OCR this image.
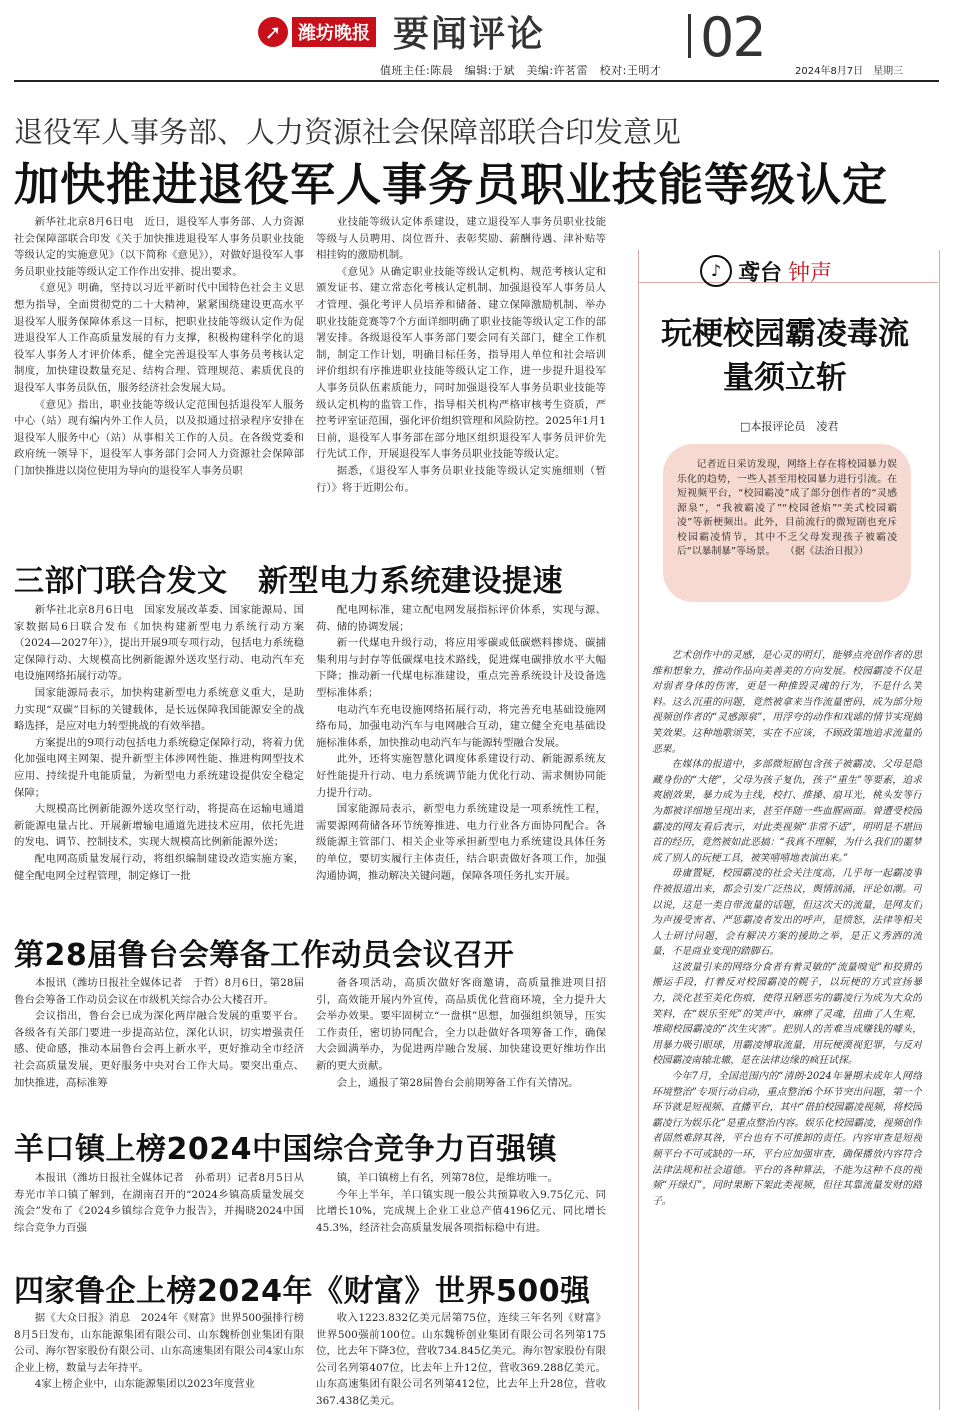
➚ 潍坊晚报 要闻评论	02
值班主任:陈晨　编辑:于斌　美编:许茗雷　校对:王明才	2024年8月7日　星期三
退役军人事务部、人力资源社会保障部联合印发意见
加快推进退役军人事务员职业技能等级认定

新华社北京8月6日电　近日，退役军人事务部、人力资源社会保障部联合印发《关于加快推进退役军人事务员职业技能等级认定的实施意见》（以下简称《意见》），对做好退役军人事务员职业技能等级认定工作作出安排、提出要求。

《意见》明确，坚持以习近平新时代中国特色社会主义思想为指导，全面贯彻党的二十大精神，紧紧围绕建设更高水平退役军人服务保障体系这一目标，把职业技能等级认定作为促进退役军人工作高质量发展的有力支撑，积极构建科学化的退役军人事务人才评价体系，健全完善退役军人事务员考核认定制度，加快建设数量充足、结构合理、管理规范、素质优良的退役军人事务员队伍，服务经济社会发展大局。

《意见》指出，职业技能等级认定范围包括退役军人服务中心（站）现有编内外工作人员，以及拟通过招录程序安排在退役军人服务中心（站）从事相关工作的人员。在各级党委和政府统一领导下，退役军人事务部门会同人力资源社会保障部门加快推进以岗位使用为导向的退役军人事务员职

业技能等级认定体系建设，建立退役军人事务员职业技能等级与人员聘用、岗位晋升、表彰奖励、薪酬待遇、津补贴等相挂钩的激励机制。

《意见》从确定职业技能等级认定机构、规范考核认定和颁发证书、建立常态化考核认定机制、加强退役军人事务员人才管理、强化考评人员培养和储备、建立保障激励机制、举办职业技能竞赛等7个方面详细明确了职业技能等级认定工作的部署安排。各级退役军人事务部门要会同有关部门，健全工作机制，制定工作计划，明确目标任务，指导用人单位和社会培训评价组织有序推进职业技能等级认定工作，进一步提升退役军人事务员队伍素质能力，同时加强退役军人事务员职业技能等级认定机构的监管工作，指导相关机构严格审核考生资质，严控考评室证范围，强化评价组织管理和风险防控。2025年1月1日前，退役军人事务部在部分地区组织退役军人事务员评价先行先试工作，开展退役军人事务员职业技能等级认定。

据悉，《退役军人事务员职业技能等级认定实施细则（暂行）》将于近期公布。

三部门联合发文　新型电力系统建设提速

新华社北京8月6日电　国家发展改革委、国家能源局、国家数据局6日联合发布《加快构建新型电力系统行动方案（2024—2027年）》，提出开展9项专项行动，包括电力系统稳定保障行动、大规模高比例新能源外送攻坚行动、电动汽车充电设施网络拓展行动等。

国家能源局表示，加快构建新型电力系统意义重大，是助力实现“双碳”目标的关键载体，是长远保障我国能源安全的战略选择，是应对电力转型挑战的有效举措。

方案提出的9项行动包括电力系统稳定保障行动，将着力优化加强电网主网架、提升新型主体涉网性能、推进构网型技术应用、持续提升电能质量，为新型电力系统建设提供安全稳定保障；

大规模高比例新能源外送攻坚行动，将提高在运输电通道新能源电量占比、开展新增输电通道先进技术应用，依托先进的发电、调节、控制技术，实现大规模高比例新能源外送；

配电网高质量发展行动，将组织编制建设改造实施方案，健全配电网全过程管理，制定修订一批

配电网标准，建立配电网发展指标评价体系，实现与源、荷、储的协调发展；

新一代煤电升级行动，将应用零碳或低碳燃料掺烧、碳捕集利用与封存等低碳煤电技术路线，促进煤电碳排放水平大幅下降；推动新一代煤电标准建设，重点完善系统设计及设备选型标准体系；

电动汽车充电设施网络拓展行动，将完善充电基础设施网络布局，加强电动汽车与电网融合互动，建立健全充电基础设施标准体系，加快推动电动汽车与能源转型融合发展。

此外，还将实施智慧化调度体系建设行动、新能源系统友好性能提升行动、电力系统调节能力优化行动、需求侧协同能力提升行动。

国家能源局表示，新型电力系统建设是一项系统性工程，需要源网荷储各环节统筹推进、电力行业各方面协同配合。各级能源主管部门、相关企业等承担新型电力系统建设具体任务的单位，要切实履行主体责任，结合职责做好各项工作，加强沟通协调，推动解决关键问题，保障各项任务扎实开展。

第28届鲁台会筹备工作动员会议召开

本报讯（潍坊日报社全媒体记者　于哲）8月6日，第28届鲁台会筹备工作动员会议在市级机关综合办公大楼召开。

会议指出，鲁台会已成为深化两岸融合发展的重要平台。各级各有关部门要进一步提高站位，深化认识，切实增强责任感、使命感，推动本届鲁台会再上新水平，更好推动全市经济社会高质量发展，更好服务中央对台工作大局。要突出重点、加快推进，高标准筹

备各项活动，高质次做好客商邀请，高质量推进项目招引，高效能开展内外宣传，高品质优化营商环境，全力提升大会举办效果。要牢固树立“一盘棋”思想，加强组织领导，压实工作责任，密切协同配合，全力以赴做好各项筹备工作，确保大会圆满举办，为促进两岸融合发展、加快建设更好维坊作出新的更大贡献。

会上，通报了第28届鲁台会前期筹备工作有关情况。

羊口镇上榜2024中国综合竞争力百强镇

本报讯（潍坊日报社全媒体记者　孙希玥）记者8月5日从寿光市羊口镇了解到，在湖南召开的“2024乡镇高质量发展交流会”发布了《2024乡镇综合竞争力报告》，并揭晓2024中国综合竞争力百强

镇，羊口镇榜上有名，列第78位，是维坊唯一。

今年上半年，羊口镇实现一般公共预算收入9.75亿元、同比增长10%，完成规上企业工业总产值4196亿元、同比增长45.3%，经济社会高质量发展各项指标稳中有进。

四家鲁企上榜2024年《财富》世界500强

据《大众日报》消息　2024年《财富》世界500强排行榜8月5日发布，山东能源集团有限公司、山东魏桥创业集团有限公司、海尔智家股份有限公司、山东高速集团有限公司4家山东企业上榜，数量与去年持平。

4家上榜企业中，山东能源集团以2023年度营业

收入1223.832亿美元居第75位，连续三年名列《财富》世界500强前100位。山东魏桥创业集团有限公司名列第175位，比去年下降3位，营收734.845亿美元。海尔智家股份有限公司名列第407位，比去年上升12位，营收369.288亿美元。山东高速集团有限公司名列第412位，比去年上升28位，营收367.438亿美元。

♪ 鸢台 钟声
玩梗校园霸凌毒流量须立斩
□本报评论员　凌君

记者近日采访发现，网络上存在将校园暴力娱乐化的趋势，一些人甚至用校园暴力进行引流。在短视频平台，“校园霸凌”成了部分创作者的“灵感源泉”，“我被霸凌了”“校园爸焰”“美式校园霸凌”等新梗频出。此外，目前流行的微短剧也充斥校园霸凌情节，其中不乏父母发现孩子被霸凌后“以暴制暴”等场景。　　（据《法治日报》）

艺术创作中的灵感，是心灵的明灯，能够点亮创作者的思维和想象力，推动作品向美善美的方向发展。校园霸凌不仅是对弱者身体的伤害，更是一种推毁灵魂的行为，不是什么笑料。这么沉重的问题，竟然被拿来当作流量密码，成为部分短视频创作者的“灵感源泉”，用浮夸的动作和戏谑的情节实现搞笑效果。这种地歌颂笑，实在不应该，不顾政策地追求流量的恶果。

在媒体的报道中，多部微短剧包含孩子被霸凌、父母是隐藏身份的“大佬”，父母为孩子复仇，孩子“重生”等要素，追求爽剧效果，暴力成为主线，校打、推搡、扇耳光，桃头发等行为都被详细地呈现出来，甚至伴随一些血腥画面。曾遭受校园霸凌的网友看后表示，对此类视频“非常不适”，明明是不堪回首的经历，竟然被如此恶搞：“我真不理解，为什么我们的噩梦成了别人的玩梗工具，被笑嘻嘻地表演出来。”

毋庸置疑，校园霸凌的社会关注度高，几乎每一起霸凌事件被报道出来，都会引发广泛热议，舆情汹涌，评论如潮。可以说，这是一类自带流量的话题，但这次天的流量，是网友们为声援受害者、严惩霸凌者发出的呼声，是愤怒，法律等相关人士研讨问题，会有解决方案的援助之举，是正义秀洒的流量，不是商业变现的踏脚石。

这波量引来的网络分食者有着灵敏的“流量嗅觉”和狡猾的搬运手段，打着反对校园霸凌的幌子，以玩梗的方式宣扬暴力，淡化甚至美化伤痕，使得丑陋恶劣的霸凌行为成为大众的笑料，在“娱乐至死”的笑声中，麻痹了灵魂，扭曲了人生观，堆砌校园霸凌的“次生灾害”。把别人的苦难当成赚钱的噱头，用暴力吸引眼球，用霸凌博取流量，用玩梗漠视犯罪，与反对校园霸凌南辕北辙，是在法律边缘的疯狂试探。

今年7月，全国范围内的“清朗·2024年暑期未成年人网络环境整治”专项行动启动，重点整治6个环节突出问题，第一个环节就是短视频、直播平台，其中“借拍校园霸凌视频，将校园霸凌行为娱乐化”是重点整治内容。娱乐化校园霸凌，视频创作者固然难辞其咎，平台也有不可推卸的责任。内容审查是短视频平台不可或缺的一环，平台应加强审查，确保播放内容符合法律法规和社会道德。平台的各种算法，不能为这种不良的视频“开绿灯”，同时果断下架此类视频，但往其靠流量发财的路子。
